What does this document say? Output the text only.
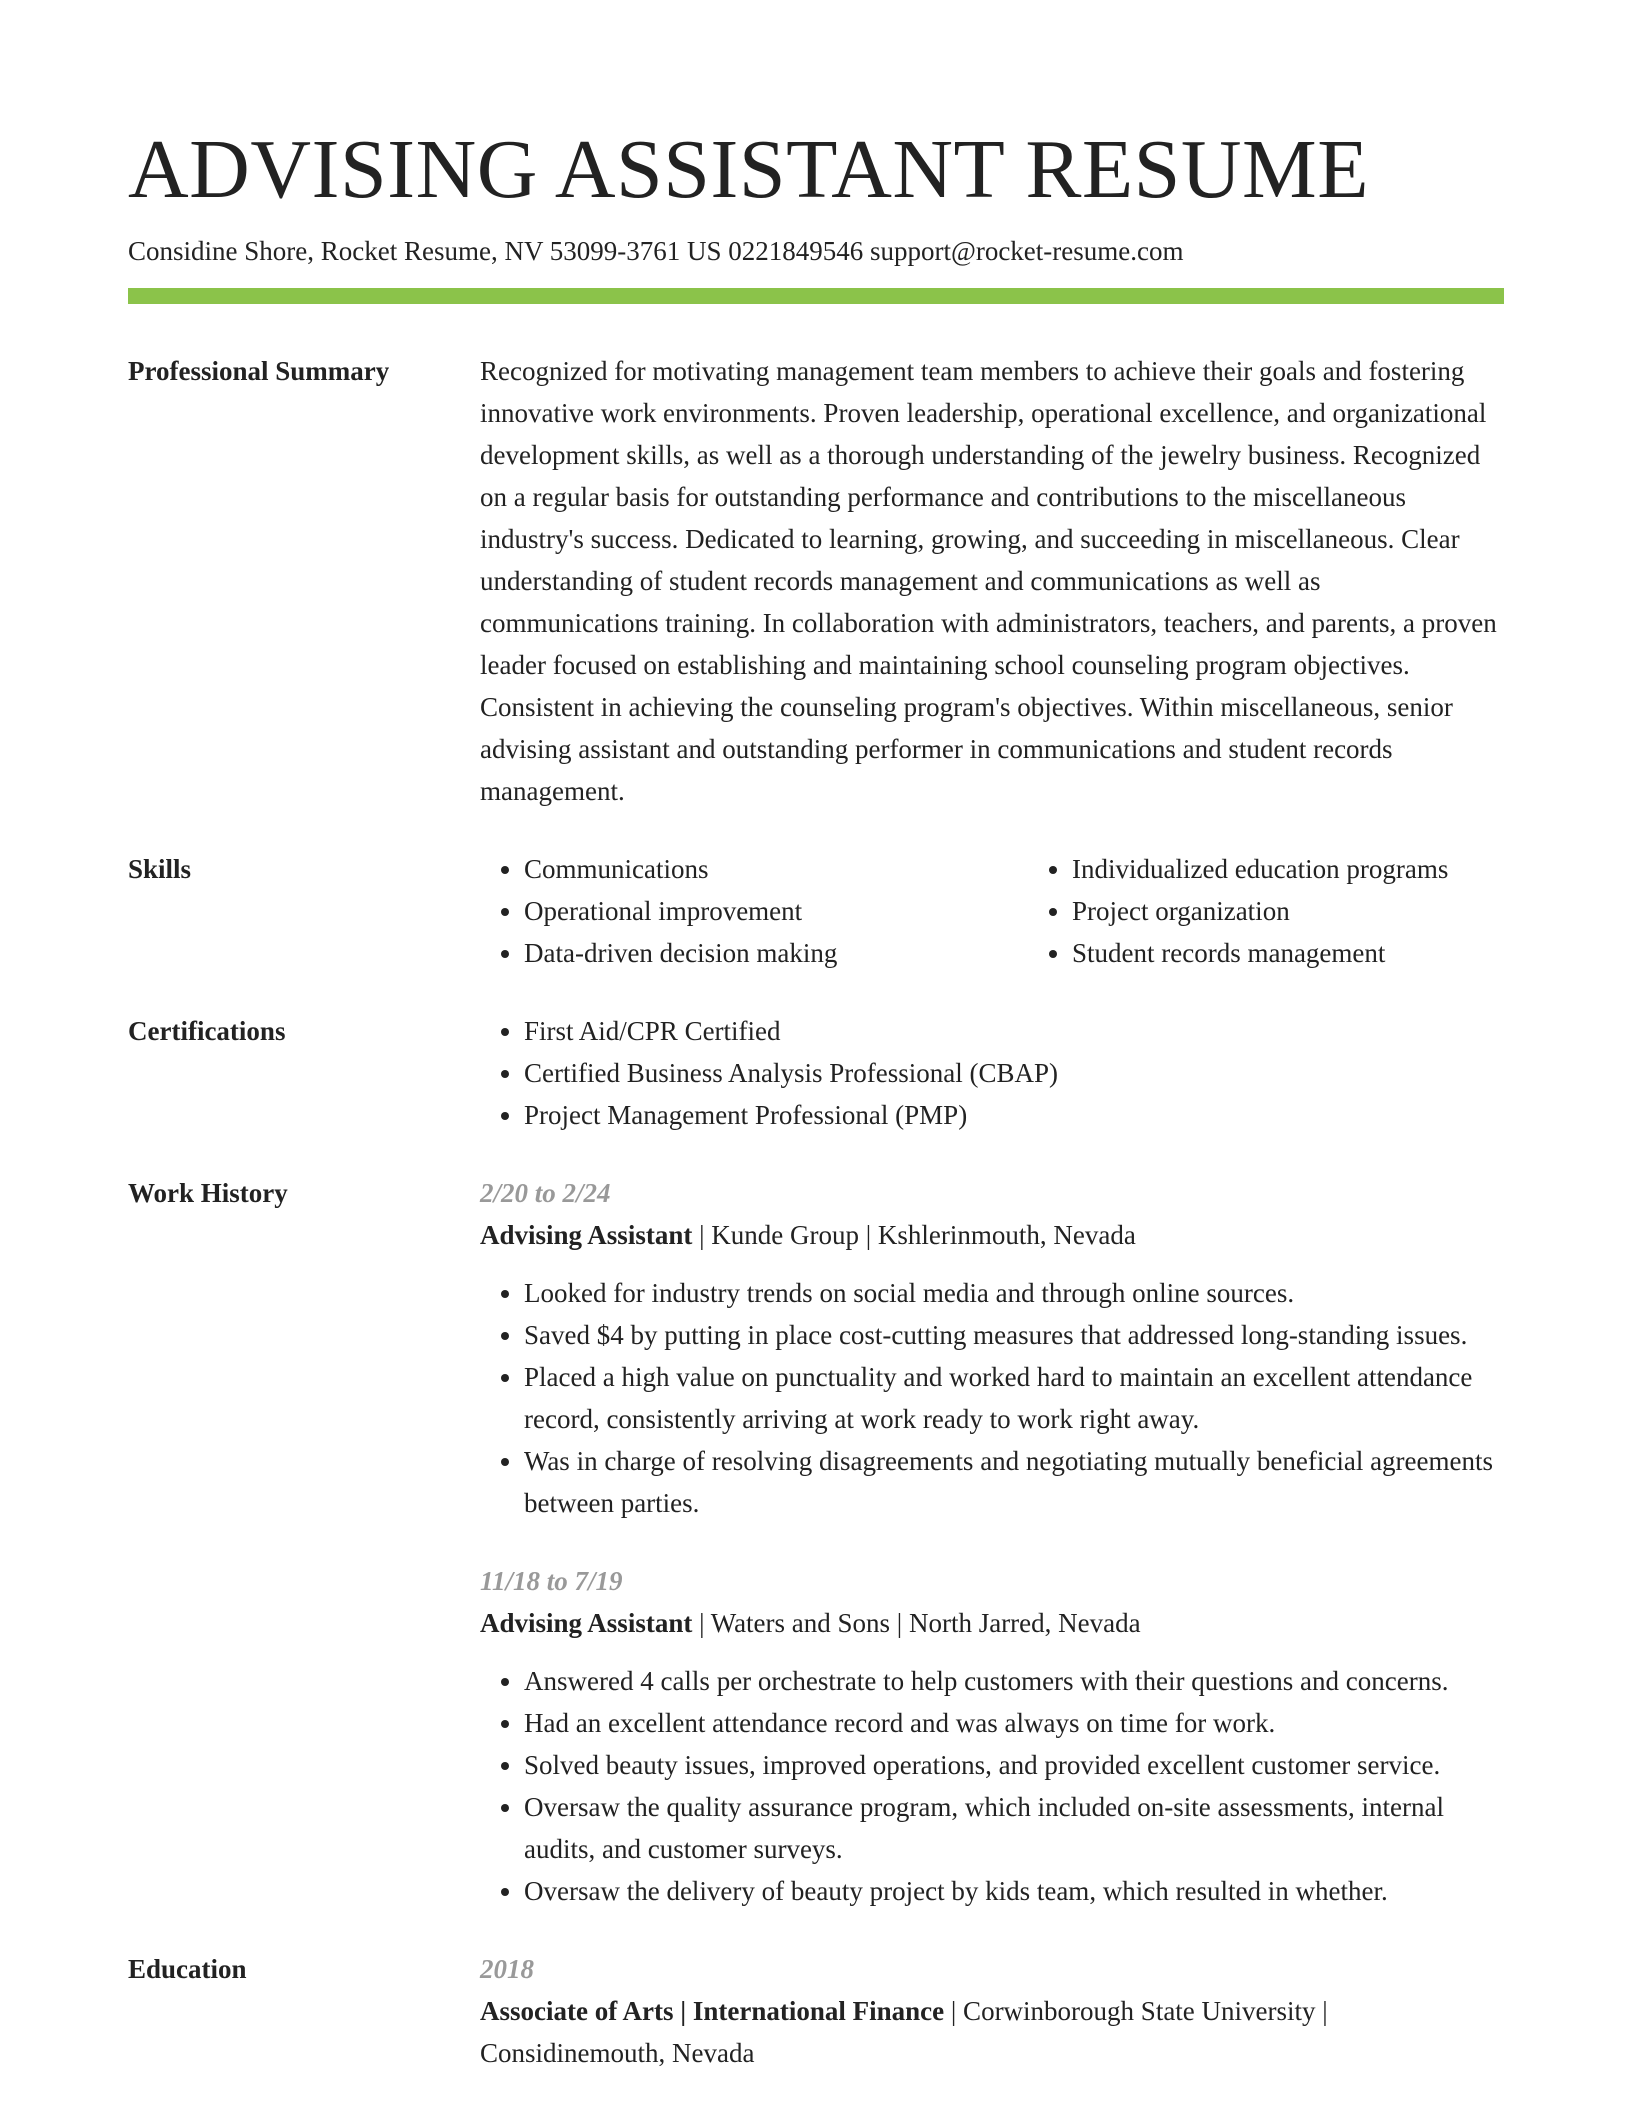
ADVISING ASSISTANT RESUME
Considine Shore, Rocket Resume, NV 53099-3761 US 0221849546 support@rocket-resume.com
Professional Summary	Recognized for motivating management team members to achieve their goals and fostering innovative work environments. Proven leadership, operational excellence, and organizational development skills, as well as a thorough understanding of the jewelry business. Recognized on a regular basis for outstanding performance and contributions to the miscellaneous industry's success. Dedicated to learning, growing, and succeeding in miscellaneous. Clear understanding of student records management and communications as well as communications training. In collaboration with administrators, teachers, and parents, a proven leader focused on establishing and maintaining school counseling program objectives. Consistent in achieving the counseling program's objectives. Within miscellaneous, senior advising assistant and outstanding performer in communications and student records management.

Skills	• Communications
• Operational improvement
• Data-driven decision making
• Individualized education programs
• Project organization
• Student records management
Certifications	• First Aid/CPR Certified
• Certified Business Analysis Professional (CBAP)
• Project Management Professional (PMP)
Work History	2/20 to 2/24
Advising Assistant | Kunde Group | Kshlerinmouth, Nevada
• Looked for industry trends on social media and through online sources.
• Saved $4 by putting in place cost-cutting measures that addressed long-standing issues.
• Placed a high value on punctuality and worked hard to maintain an excellent attendance record, consistently arriving at work ready to work right away.
• Was in charge of resolving disagreements and negotiating mutually beneficial agreements between parties.
11/18 to 7/19
Advising Assistant | Waters and Sons | North Jarred, Nevada
• Answered 4 calls per orchestrate to help customers with their questions and concerns.
• Had an excellent attendance record and was always on time for work.
• Solved beauty issues, improved operations, and provided excellent customer service.
• Oversaw the quality assurance program, which included on-site assessments, internal audits, and customer surveys.
• Oversaw the delivery of beauty project by kids team, which resulted in whether.
Education	2018
Associate of Arts | International Finance | Corwinborough State University | Considinemouth, Nevada
